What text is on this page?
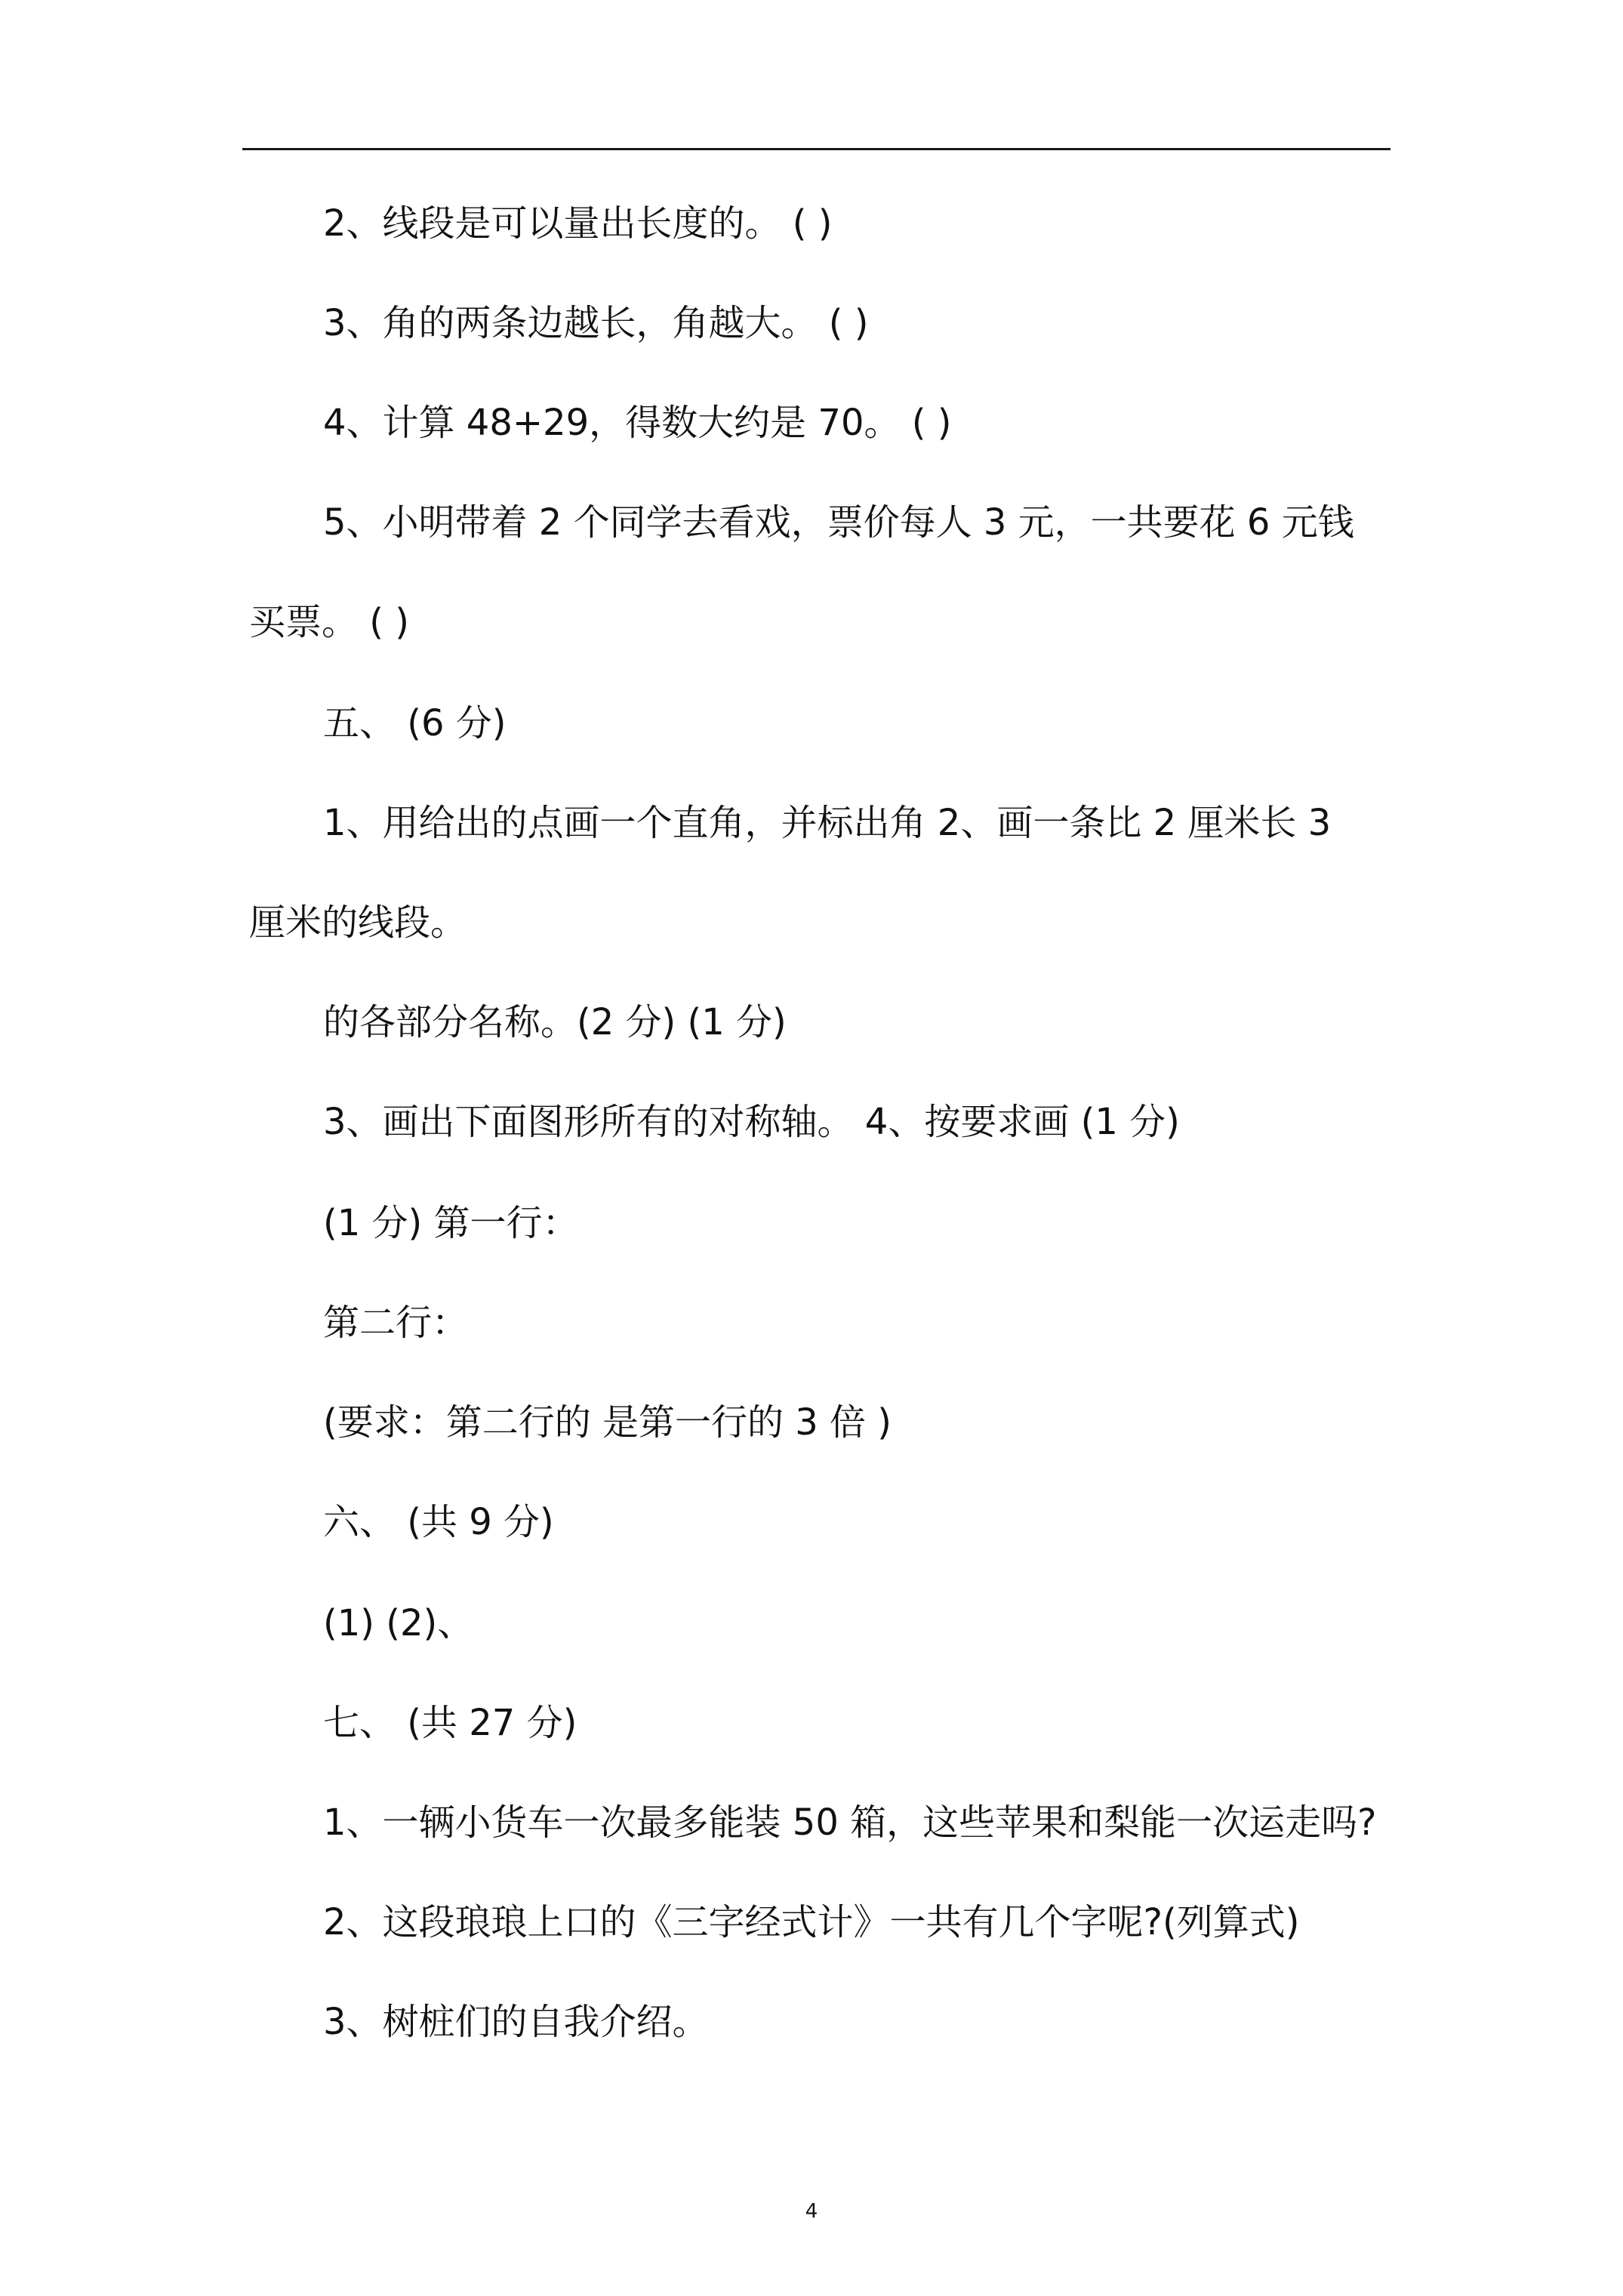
2、线段是可以量出长度的。 ( )
3、角的两条边越长，角越大。 ( )
4、计算 48+29，得数大约是 70。 ( )
5、小明带着 2 个同学去看戏，票价每人 3 元，一共要花 6 元钱
买票。 ( )
五、 (6 分)
1、用给出的点画一个直角，并标出角 2、画一条比 2 厘米长 3
厘米的线段。
的各部分名称。(2 分) (1 分)
3、画出下面图形所有的对称轴。 4、按要求画 (1 分)
(1 分) 第一行：
第二行：
(要求：第二行的 是第一行的 3 倍 )
六、 (共 9 分)
(1) (2)、
七、 (共 27 分)
1、一辆小货车一次最多能装 50 箱，这些苹果和梨能一次运走吗?
2、这段琅琅上口的《三字经式计》一共有几个字呢?(列算式)
3、树桩们的自我介绍。
4
